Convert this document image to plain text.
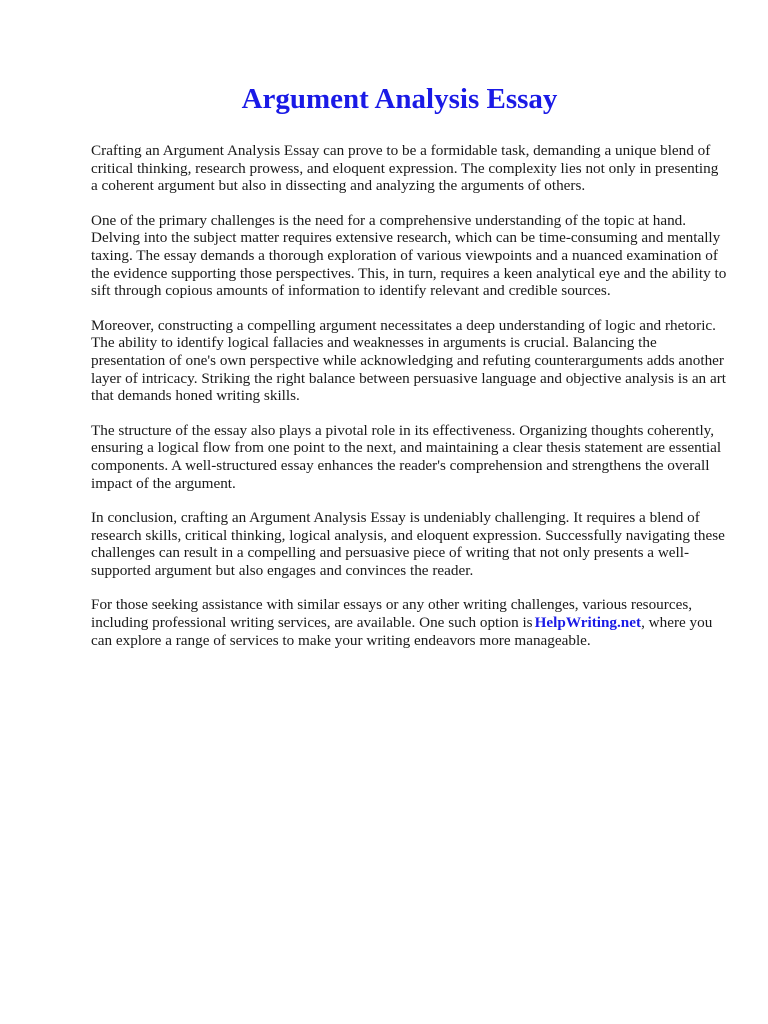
Argument Analysis Essay

Crafting an Argument Analysis Essay can prove to be a formidable task, demanding a unique blend of critical thinking, research prowess, and eloquent expression. The complexity lies not only in presenting a coherent argument but also in dissecting and analyzing the arguments of others.

One of the primary challenges is the need for a comprehensive understanding of the topic at hand. Delving into the subject matter requires extensive research, which can be time-consuming and mentally taxing. The essay demands a thorough exploration of various viewpoints and a nuanced examination of the evidence supporting those perspectives. This, in turn, requires a keen analytical eye and the ability to sift through copious amounts of information to identify relevant and credible sources.

Moreover, constructing a compelling argument necessitates a deep understanding of logic and rhetoric. The ability to identify logical fallacies and weaknesses in arguments is crucial. Balancing the presentation of one's own perspective while acknowledging and refuting counterarguments adds another layer of intricacy. Striking the right balance between persuasive language and objective analysis is an art that demands honed writing skills.

The structure of the essay also plays a pivotal role in its effectiveness. Organizing thoughts coherently, ensuring a logical flow from one point to the next, and maintaining a clear thesis statement are essential components. A well-structured essay enhances the reader's comprehension and strengthens the overall impact of the argument.

In conclusion, crafting an Argument Analysis Essay is undeniably challenging. It requires a blend of research skills, critical thinking, logical analysis, and eloquent expression. Successfully navigating these challenges can result in a compelling and persuasive piece of writing that not only presents a well-supported argument but also engages and convinces the reader.

For those seeking assistance with similar essays or any other writing challenges, various resources, including professional writing services, are available. One such option is HelpWriting.net, where you can explore a range of services to make your writing endeavors more manageable.
